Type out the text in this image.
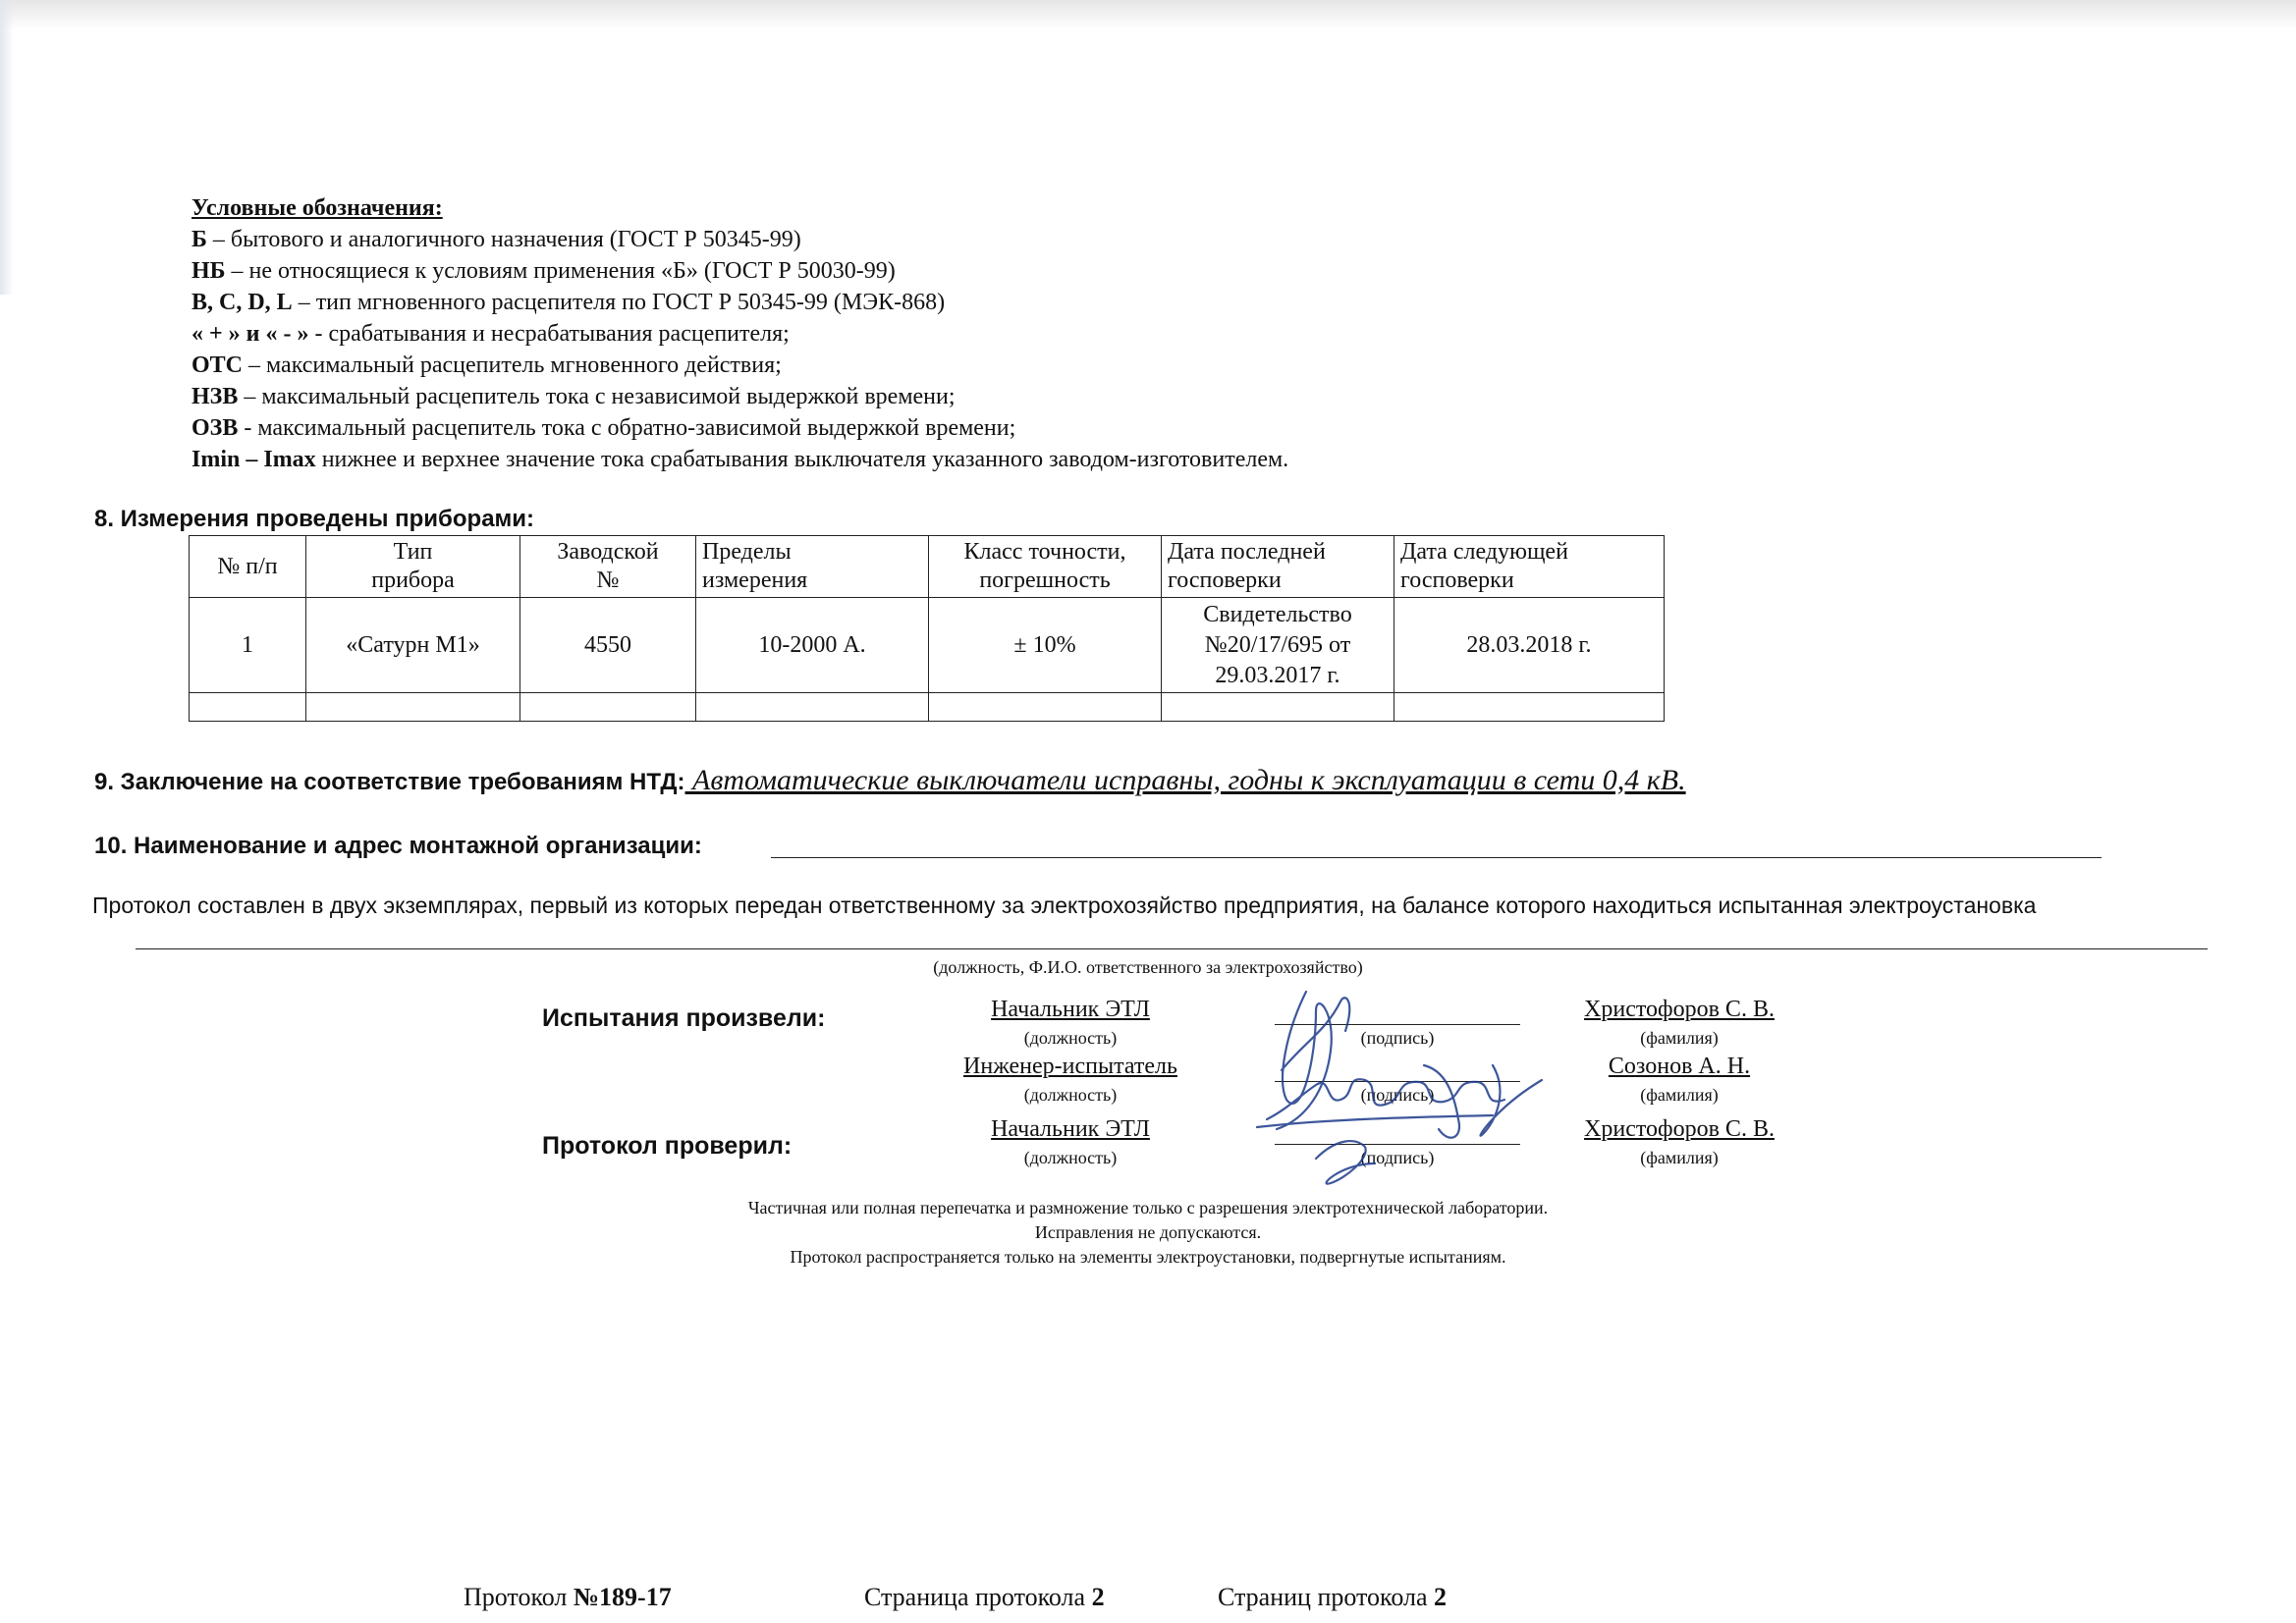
Условные обозначения:
Б – бытового и аналогичного назначения (ГОСТ Р 50345-99)
НБ – не относящиеся к условиям применения «Б» (ГОСТ Р 50030-99)
В, C, D, L – тип мгновенного расцепителя по ГОСТ Р 50345-99 (МЭК-868)
« + » и « - » - срабатывания и несрабатывания расцепителя;
ОТС – максимальный расцепитель мгновенного действия;
НЗВ – максимальный расцепитель тока с независимой выдержкой времени;
ОЗВ - максимальный расцепитель тока с обратно-зависимой выдержкой времени;
Imin – Imax нижнее и верхнее значение тока срабатывания выключателя указанного заводом-изготовителем.
8. Измерения проведены приборами:
№ п/п	Тип прибора	Заводской №	Пределы измерения	Класс точности, погрешность	Дата последней госповерки	Дата следующей госповерки

1	«Сатурн М1»	4550	10-2000 А.	± 10%	Свидетельство №20/17/695 от 29.03.2017 г.	28.03.2018 г.

9. Заключение на соответствие требованиям НТД: Автоматические выключатели исправны, годны к эксплуатации в сети 0,4 кВ.
10. Наименование и адрес монтажной организации:
Протокол составлен в двух экземплярах, первый из которых передан ответственному за электрохозяйство предприятия, на балансе которого находиться испытанная электроустановка
(должность, Ф.И.О. ответственного за электрохозяйство)
Испытания произвели:
Протокол проверил:
Начальник ЭТЛ
(должность)	(подпись)
Христофоров С. В.
(фамилия)
Инженер-испытатель
(должность)	(подпись)
Созонов А. Н.
(фамилия)
Начальник ЭТЛ
(должность)	(подпись)
Христофоров С. В.
(фамилия)
Частичная или полная перепечатка и размножение только с разрешения электротехнической лаборатории.
Исправления не допускаются.
Протокол распространяется только на элементы электроустановки, подвергнутые испытаниям.
Протокол №189-17	Страница протокола 2	Страниц протокола 2
